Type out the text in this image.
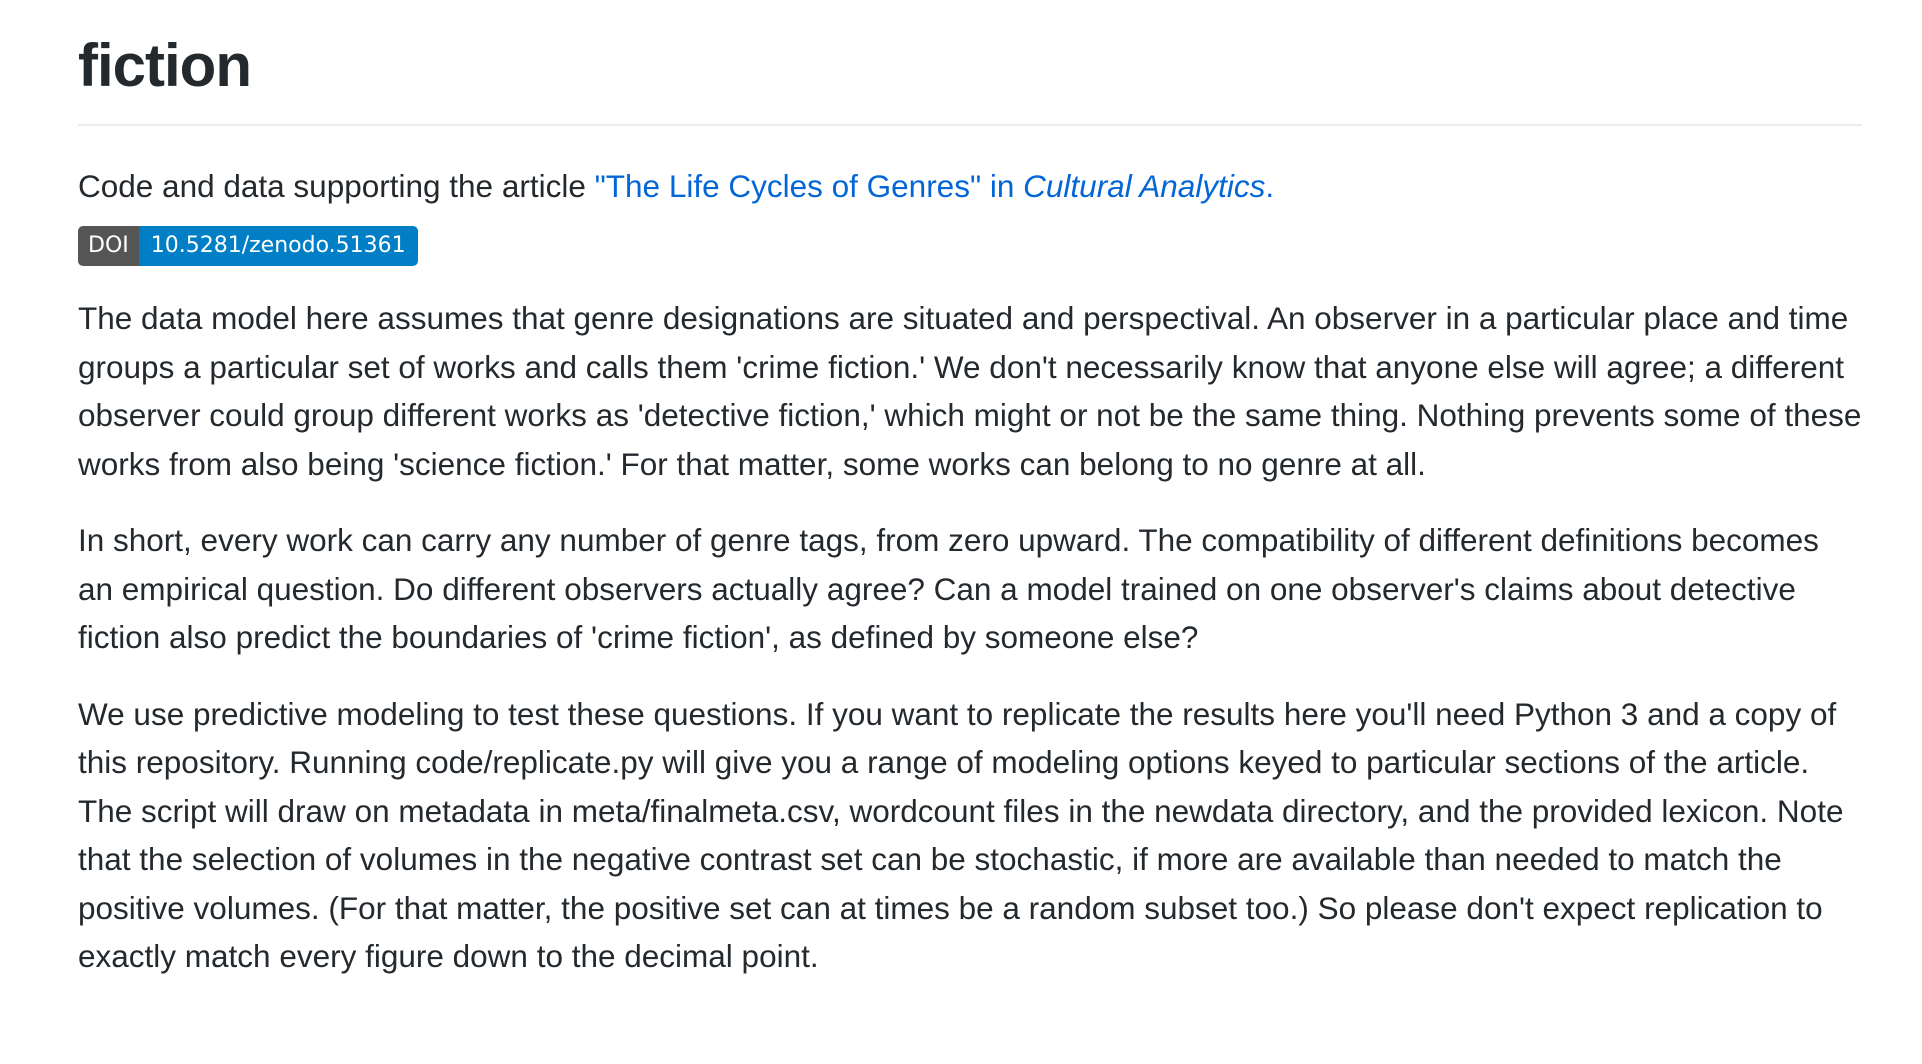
fiction

Code and data supporting the article "The Life Cycles of Genres" in Cultural Analytics.

DOI	10.5281/zenodo.51361

The data model here assumes that genre designations are situated and perspectival. An observer in a particular place and time groups a particular set of works and calls them 'crime fiction.' We don't necessarily know that anyone else will agree; a different observer could group different works as 'detective fiction,' which might or not be the same thing. Nothing prevents some of these works from also being 'science fiction.' For that matter, some works can belong to no genre at all.

In short, every work can carry any number of genre tags, from zero upward. The compatibility of different definitions becomes an empirical question. Do different observers actually agree? Can a model trained on one observer's claims about detective fiction also predict the boundaries of 'crime fiction', as defined by someone else?

We use predictive modeling to test these questions. If you want to replicate the results here you'll need Python 3 and a copy of this repository. Running code/replicate.py will give you a range of modeling options keyed to particular sections of the article. The script will draw on metadata in meta/finalmeta.csv, wordcount files in the newdata directory, and the provided lexicon. Note that the selection of volumes in the negative contrast set can be stochastic, if more are available than needed to match the positive volumes. (For that matter, the positive set can at times be a random subset too.) So please don't expect replication to exactly match every figure down to the decimal point.
